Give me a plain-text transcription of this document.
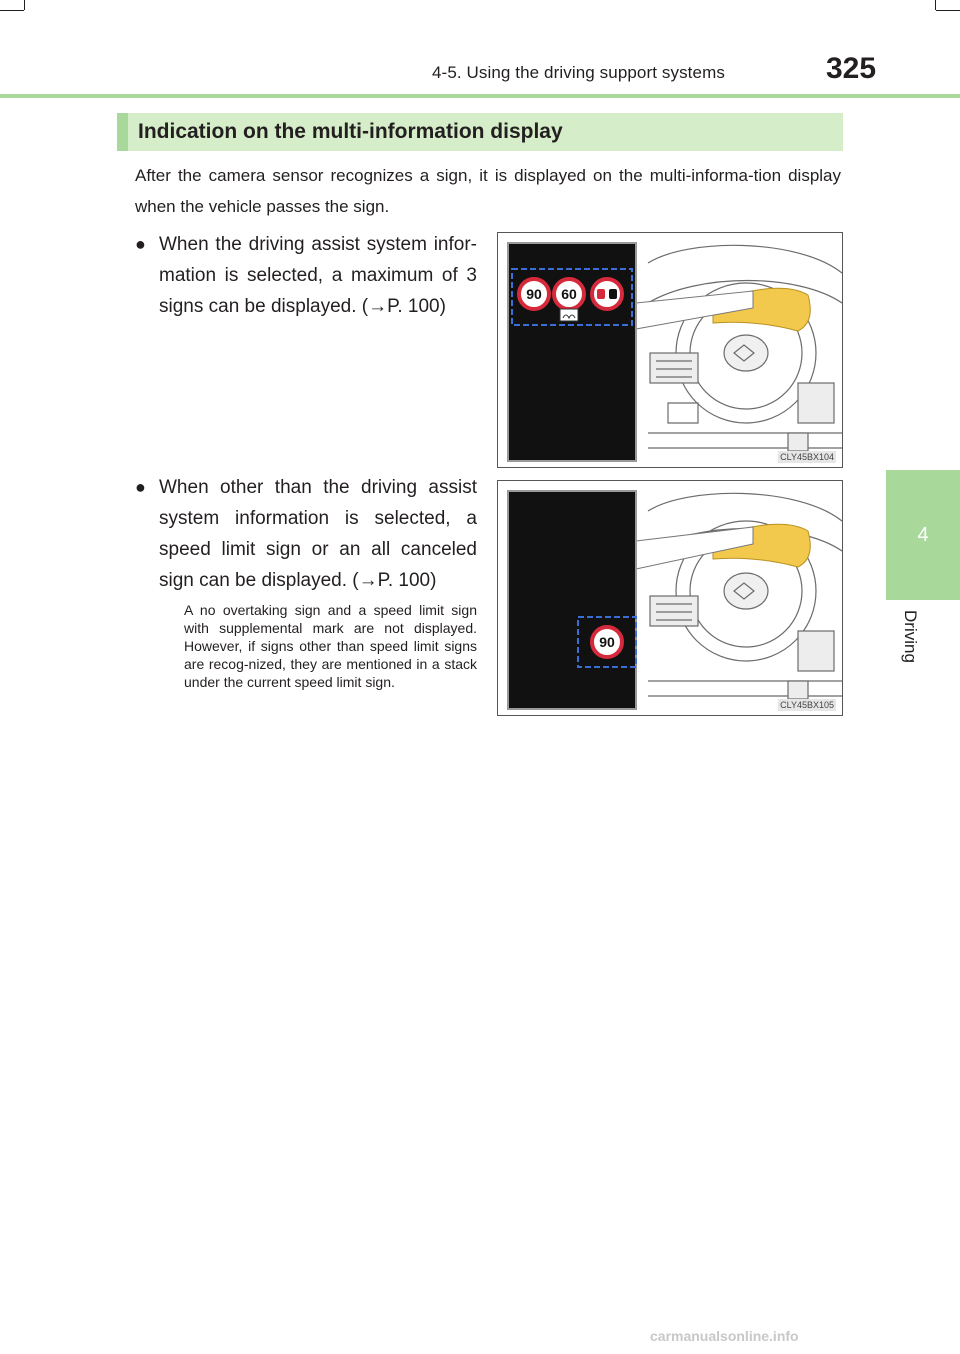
4-5. Using the driving support systems	325
4
Driving
Indication on the multi-information display
After the camera sensor recognizes a sign, it is displayed on the multi-informa-tion display when the vehicle passes the sign.
● When the driving assist system infor-mation is selected, a maximum of 3 signs can be displayed. (→P. 100)
90 60
CLY45BX104
● When other than the driving assist system information is selected, a speed limit sign or an all canceled sign can be displayed. (→P. 100)
A no overtaking sign and a speed limit sign with supplemental mark are not displayed. However, if signs other than speed limit signs are recog-nized, they are mentioned in a stack under the current speed limit sign.
90
CLY45BX105
carmanualsonline.info
